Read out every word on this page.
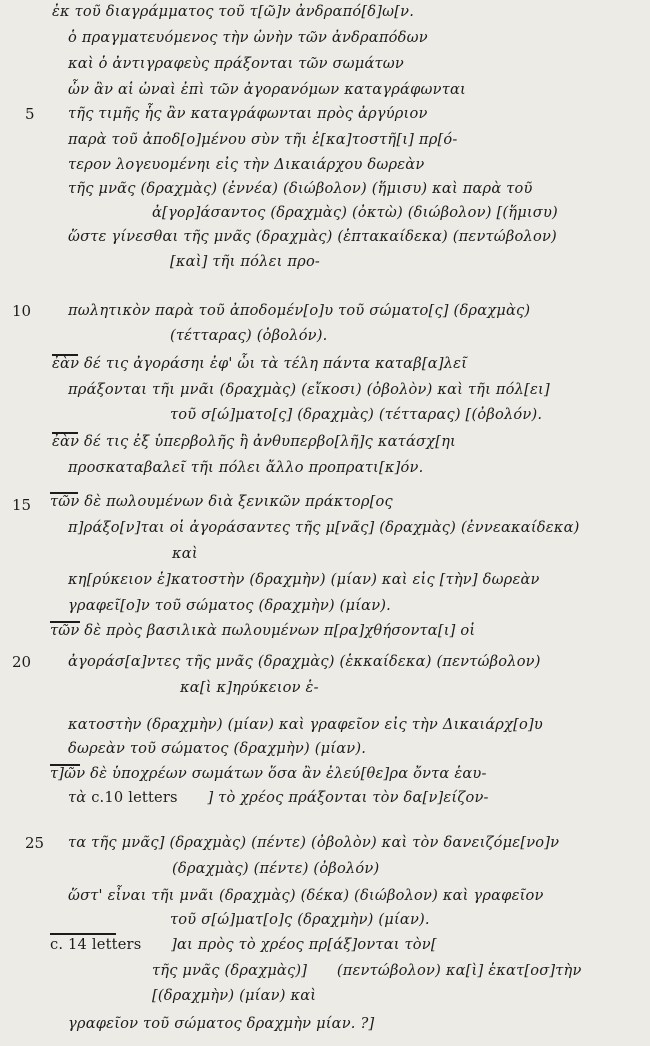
5
10
15
20
25
ἐκ τοῦ διαγράμματος τοῦ τ[ῶ]ν ἀνδραπό[δ]ω[ν.
ὁ πραγματευόμενος τὴν ὠνὴν τῶν ἀνδραπόδων
καὶ ὁ ἀντιγραφεὺς πράξονται τῶν σωμάτων
ὧν ἂν αἱ ὠναὶ ἐπὶ τῶν ἀγορανόμων καταγράφωνται
τῆς τιμῆς ἧς ἂν καταγράφωνται πρὸς ἀργύριον
παρὰ τοῦ ἀποδ[ο]μένου σὺν τῆι ἐ[κα]τοστῆ[ι] πρ[ό-
τερον λογευομένηι εἰς τὴν Δικαιάρχου δωρεὰν
τῆς μνᾶς (δραχμὰς) (ἐννέα) (διώβολον) (ἥμισυ) καὶ παρὰ τοῦ
ἀ[γορ]άσαντος (δραχμὰς) (ὀκτὼ) (διώβολον) [(ἥμισυ)
ὥστε γίνεσθαι τῆς μνᾶς (δραχμὰς) (ἑπτακαίδεκα) (πεντώβολον)
[καὶ] τῆι πόλει προ-
πωλητικὸν παρὰ τοῦ ἀποδομέν[ο]υ τοῦ σώματο[ς] (δραχμὰς)
(τέτταρας) (ὀβολόν).
ἐὰν δέ τις ἀγοράσηι ἐφ' ὧι τὰ τέλη πάντα καταβ[α]λεῖ
πράξονται τῆι μνᾶι (δραχμὰς) (εἴκοσι) (ὀβολὸν) καὶ τῆι πόλ[ει]
τοῦ σ[ώ]ματο[ς] (δραχμὰς) (τέτταρας) [(ὀβολόν).
ἐὰν δέ τις ἐξ ὑπερβολῆς ἢ ἀνθυπερβο[λῆ]ς κατάσχ[ηι
προσκαταβαλεῖ τῆι πόλει ἄλλο προπρατι[κ]όν.
τῶν δὲ πωλουμένων διὰ ξενικῶν πράκτορ[ος
π]ράξο[ν]ται οἱ ἀγοράσαντες τῆς μ[νᾶς] (δραχμὰς) (ἐννεακαίδεκα)
καὶ
κη[ρύκειον ἑ]κατοστὴν (δραχμὴν) (μίαν) καὶ εἰς [τὴν] δωρεὰν
γραφεῖ[ο]ν τοῦ σώματος (δραχμὴν) (μίαν).
τῶν δὲ πρὸς βασιλικὰ πωλουμένων π[ρα]χθήσοντα[ι] οἱ
ἀγοράσ[α]ντες τῆς μνᾶς (δραχμὰς) (ἑκκαίδεκα) (πεντώβολον)
κα[ὶ κ]ηρύκειον ἑ-
κατοστὴν (δραχμὴν) (μίαν) καὶ γραφεῖον εἰς τὴν Δικαιάρχ[ο]υ
δωρεὰν τοῦ σώματος (δραχμὴν) (μίαν).
τ]ῶν δὲ ὑποχρέων σωμάτων ὅσα ἂν ἐλεύ[θε]ρα ὄντα ἑαυ-
τὰ c.10 letters ] τὸ χρέος πράξονται τὸν δα[ν]είζον-
τα τῆς μνᾶς] (δραχμὰς) (πέντε) (ὀβολὸν) καὶ τὸν δανειζόμε[νο]ν
(δραχμὰς) (πέντε) (ὀβολόν)
ὥστ' εἶναι τῆι μνᾶι (δραχμὰς) (δέκα) (διώβολον) καὶ γραφεῖον
τοῦ σ[ώ]ματ[ο]ς (δραχμὴν) (μίαν).
c. 14 letters ]αι πρὸς τὸ χρέος πρ[άξ]ονται τὸν[
τῆς μνᾶς (δραχμὰς)] (πεντώβολον) κα[ὶ] ἑκατ[οσ]τὴν
[(δραχμὴν) (μίαν) καὶ
γραφεῖον τοῦ σώματος δραχμὴν μίαν. ?]
